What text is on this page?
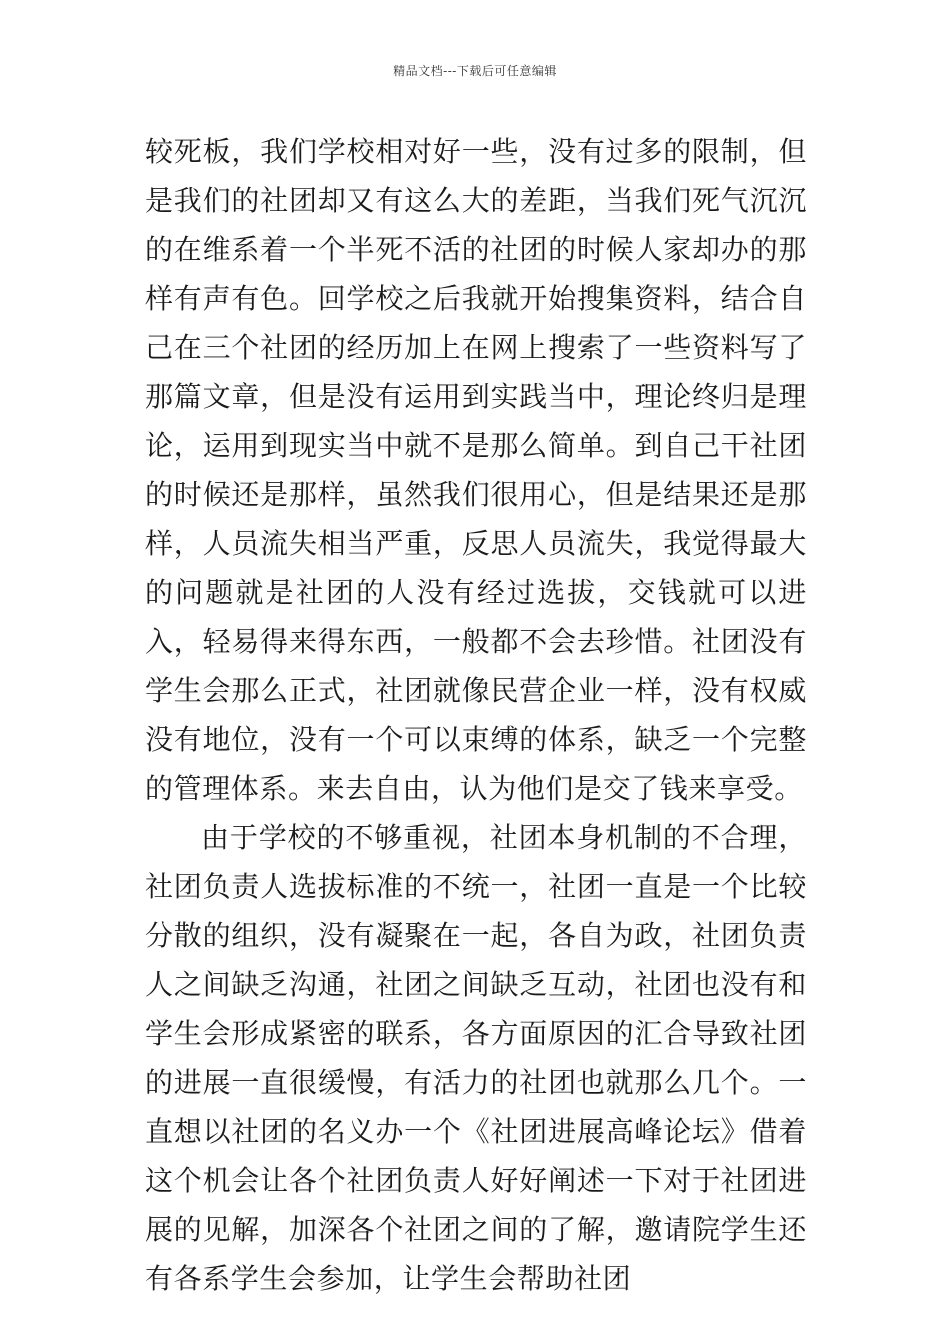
精品文档---下载后可任意编辑

较死板，我们学校相对好一些，没有过多的限制，但是我们的社团却又有这么大的差距，当我们死气沉沉的在维系着一个半死不活的社团的时候人家却办的那样有声有色。回学校之后我就开始搜集资料，结合自己在三个社团的经历加上在网上搜索了一些资料写了那篇文章，但是没有运用到实践当中，理论终归是理论，运用到现实当中就不是那么简单。到自己干社团的时候还是那样，虽然我们很用心，但是结果还是那样，人员流失相当严重，反思人员流失，我觉得最大的问题就是社团的人没有经过选拔，交钱就可以进入，轻易得来得东西，一般都不会去珍惜。社团没有学生会那么正式，社团就像民营企业一样，没有权威没有地位，没有一个可以束缚的体系，缺乏一个完整的管理体系。来去自由，认为他们是交了钱来享受。

由于学校的不够重视，社团本身机制的不合理，社团负责人选拔标准的不统一，社团一直是一个比较分散的组织，没有凝聚在一起，各自为政，社团负责人之间缺乏沟通，社团之间缺乏互动，社团也没有和学生会形成紧密的联系，各方面原因的汇合导致社团的进展一直很缓慢，有活力的社团也就那么几个。一直想以社团的名义办一个《社团进展高峰论坛》借着这个机会让各个社团负责人好好阐述一下对于社团进展的见解，加深各个社团之间的了解，邀请院学生还有各系学生会参加，让学生会帮助社团
